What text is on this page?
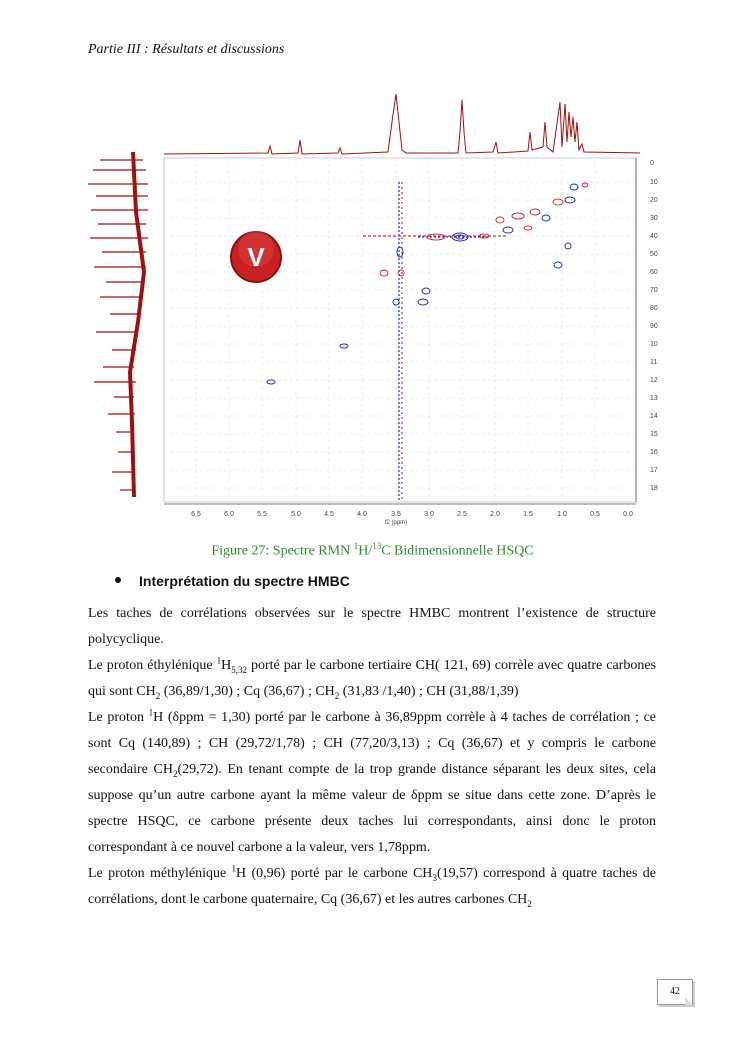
Partie III : Résultats et discussions
V
0
10
20
30
40
50
60
70
80
90
10
11
12
13
14
15
16
17
18
6.5	6.0	5.5	5.0	4.5	4.0	3.5	3.0	2.5	2.0	1.5	1.0	0.5	0.0
f2 (ppm)
Figure 27: Spectre RMN $^1$H/$^{13}$C Bidimensionnelle HSQC
Interprétation du spectre HMBC

Les taches de corrélations observées sur le spectre HMBC montrent l’existence de structure polycyclique.

Le proton éthylénique $^1H_{5,32}$ porté par le carbone tertiaire CH( 121, 69) corrèle avec quatre carbones qui sont $CH_2$ (36,89/1,30) ; Cq (36,67) ; $CH_2$ (31,83 /1,40) ; CH (31,88/1,39)

Le proton $^1$H (δppm = 1,30) porté par le carbone à 36,89ppm corrèle à 4 taches de corrélation ; ce sont Cq (140,89) ; CH (29,72/1,78) ; CH (77,20/3,13) ; Cq (36,67) et y compris le carbone secondaire $CH_2(29,72)$. En tenant compte de la trop grande distance séparant les deux sites, cela suppose qu’un autre carbone ayant la même valeur de δppm se situe dans cette zone. D’après le spectre HSQC, ce carbone présente deux taches lui correspondants, ainsi donc le proton correspondant à ce nouvel carbone a la valeur, vers 1,78ppm.

Le proton méthylénique $^1$H (0,96) porté par le carbone $CH_3(19,57)$ correspond à quatre taches de corrélations, dont le carbone quaternaire, Cq (36,67) et les autres carbones $CH_2$

42
